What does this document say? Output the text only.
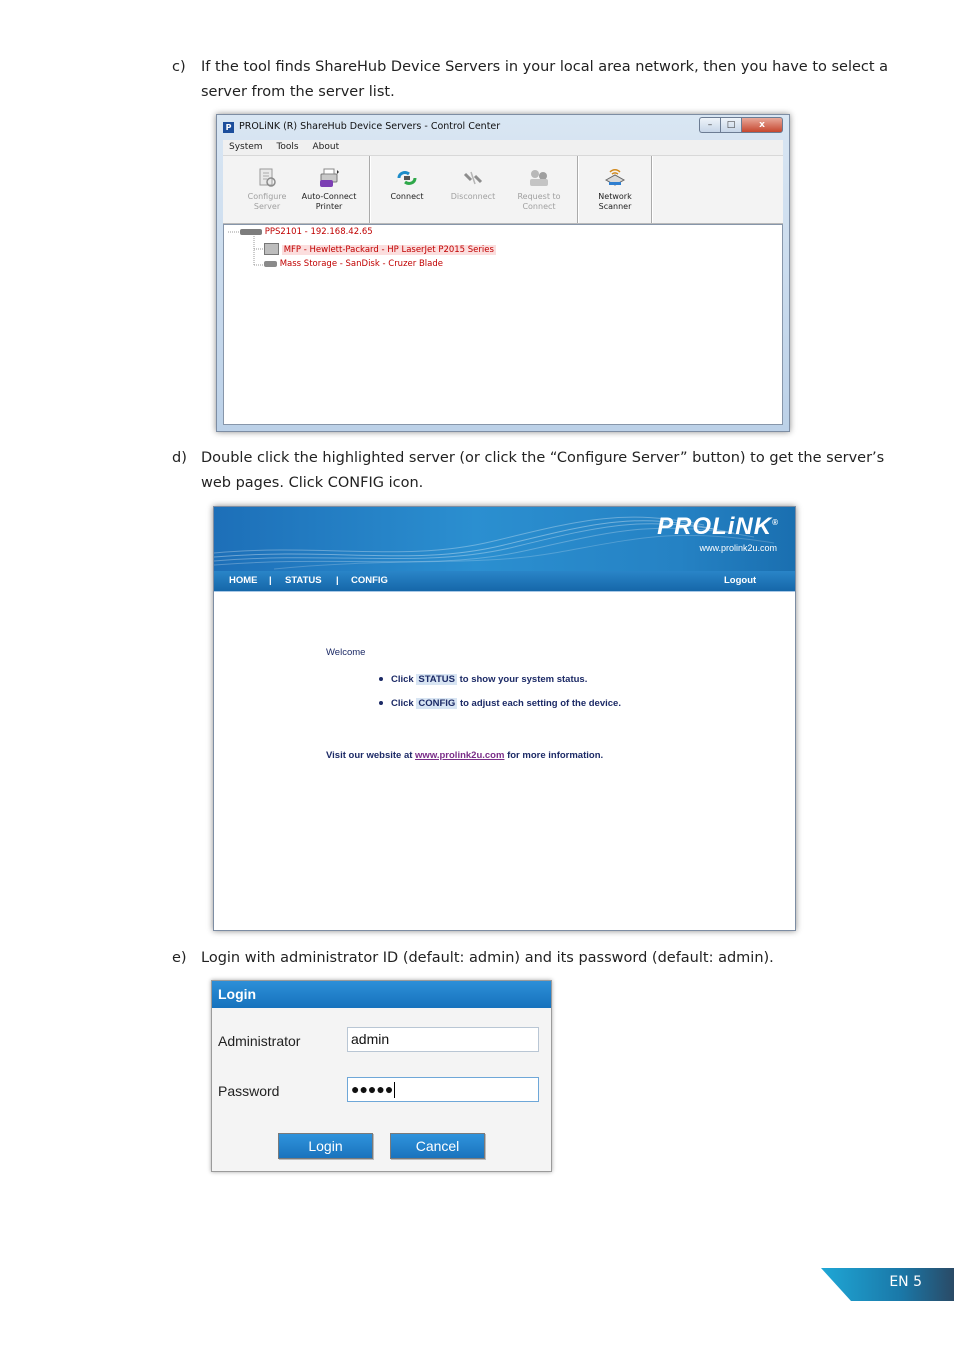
c) If the tool finds ShareHub Device Servers in your local area network, then you have to select a server from the server list.
P PROLiNK (R) ShareHub Device Servers - Control Center	–	□	x
System Tools About
Configure Server
Auto-Connect Printer
Connect	Disconnect	Request to Connect
Network Scanner
PPS2101 - 192.168.42.65
MFP - Hewlett-Packard - HP LaserJet P2015 Series
Mass Storage - SanDisk - Cruzer Blade
d) Double click the highlighted server (or click the “Configure Server” button) to get the server’s web pages. Click CONFIG icon.
PROLiNK®
www.prolink2u.com
HOME | STATUS | CONFIG	Logout
Welcome
Click STATUS to show your system status.
Click CONFIG to adjust each setting of the device.
Visit our website at www.prolink2u.com for more information.
e) Login with administrator ID (default: admin) and its password (default: admin).
Login
Administrator	admin
Password	●●●●●
Login	Cancel
EN 5
